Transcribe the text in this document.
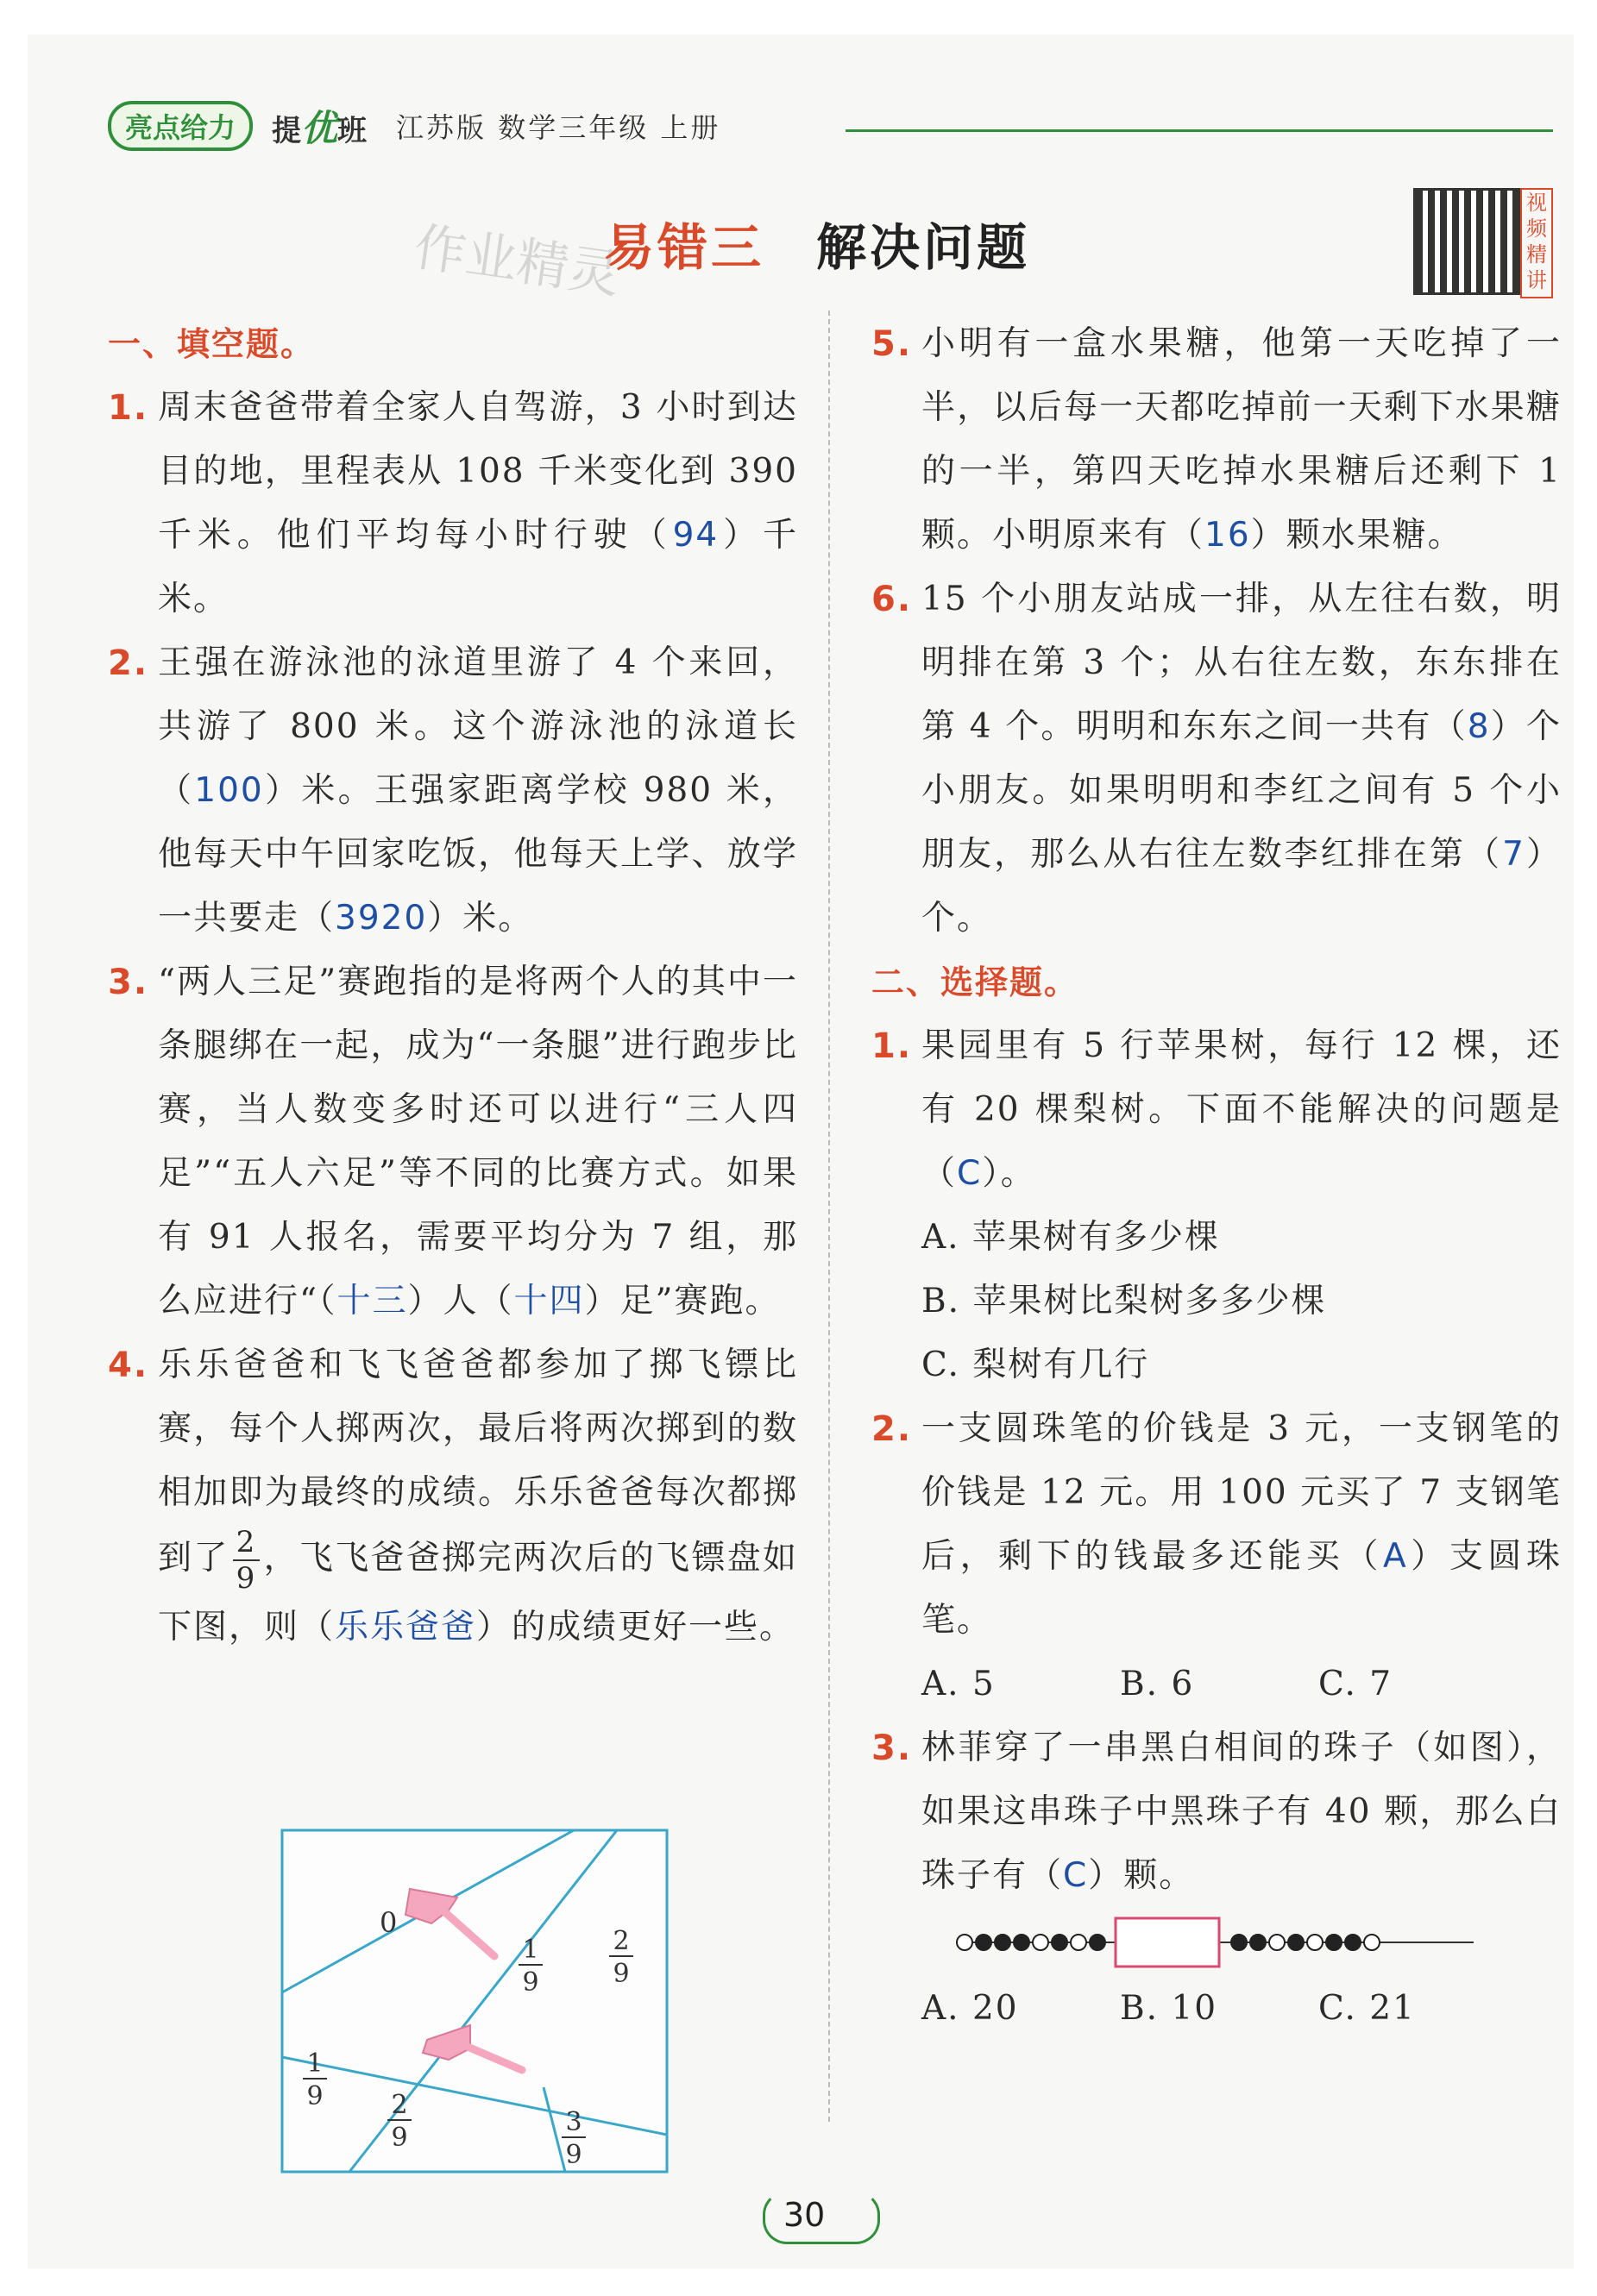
亮点给力	提优班 江苏版 数学三年级 上册
作业精灵
易错三 解决问题
视频精讲
一、填空题。
1. 周末爸爸带着全家人自驾游，3 小时到达目的地，里程表从 108 千米变化到 390 千米。他们平均每小时行驶（94）千米。
2. 王强在游泳池的泳道里游了 4 个来回，共游了 800 米。这个游泳池的泳道长（100）米。王强家距离学校 980 米，他每天中午回家吃饭，他每天上学、放学一共要走（3920）米。
3. “两人三足”赛跑指的是将两个人的其中一条腿绑在一起，成为“一条腿”进行跑步比赛，当人数变多时还可以进行“三人四足”“五人六足”等不同的比赛方式。如果有 91 人报名，需要平均分为 7 组，那么应进行“（十三）人（十四）足”赛跑。
4. 乐乐爸爸和飞飞爸爸都参加了掷飞镖比赛，每个人掷两次，最后将两次掷到的数相加即为最终的成绩。乐乐爸爸每次都掷到了 $\frac{2}{9}$ ，飞飞爸爸掷完两次后的飞镖盘如下图，则（乐乐爸爸）的成绩更好一些。
0
1
9
2
9
1
9	2
9
3
9
5. 小明有一盒水果糖，他第一天吃掉了一半，以后每一天都吃掉前一天剩下水果糖的一半，第四天吃掉水果糖后还剩下 1 颗。小明原来有（16）颗水果糖。
6. 15 个小朋友站成一排，从左往右数，明明排在第 3 个；从右往左数，东东排在第 4 个。明明和东东之间一共有（8）个小朋友。如果明明和李红之间有 5 个小朋友，那么从右往左数李红排在第（7）个。
二、选择题。
1. 果园里有 5 行苹果树，每行 12 棵，还有 20 棵梨树。下面不能解决的问题是（C）。
A. 苹果树有多少棵
B. 苹果树比梨树多多少棵
C. 梨树有几行
2. 一支圆珠笔的价钱是 3 元，一支钢笔的价钱是 12 元。用 100 元买了 7 支钢笔后，剩下的钱最多还能买（A）支圆珠笔。
A. 5	B. 6	C. 7
3. 林菲穿了一串黑白相间的珠子（如图），如果这串珠子中黑珠子有 40 颗，那么白珠子有（C）颗。
A. 20	B. 10	C. 21
30
